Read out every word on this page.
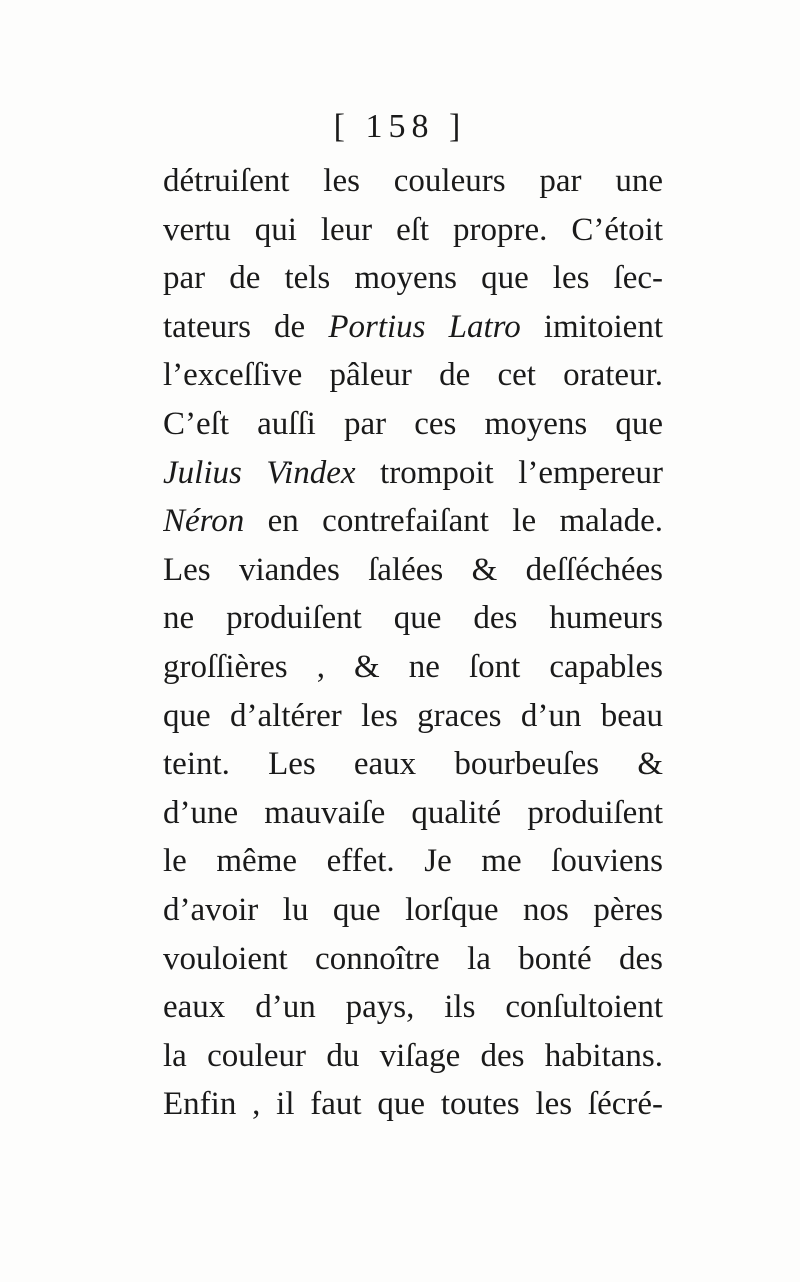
[ 158 ]
détruiſent les couleurs par une
vertu qui leur eſt propre. C’étoit
par de tels moyens que les ſec-
tateurs de Portius Latro imitoient
l’exceſſive pâleur de cet orateur.
C’eſt auſſi par ces moyens que
Julius Vindex trompoit l’empereur
Néron en contrefaiſant le malade.
Les viandes ſalées & deſſéchées
ne produiſent que des humeurs
groſſières , & ne ſont capables
que d’altérer les graces d’un beau
teint. Les eaux bourbeuſes &
d’une mauvaiſe qualité produiſent
le même effet. Je me ſouviens
d’avoir lu que lorſque nos pères
vouloient connoître la bonté des
eaux d’un pays, ils conſultoient
la couleur du viſage des habitans.
Enfin , il faut que toutes les ſécré-
